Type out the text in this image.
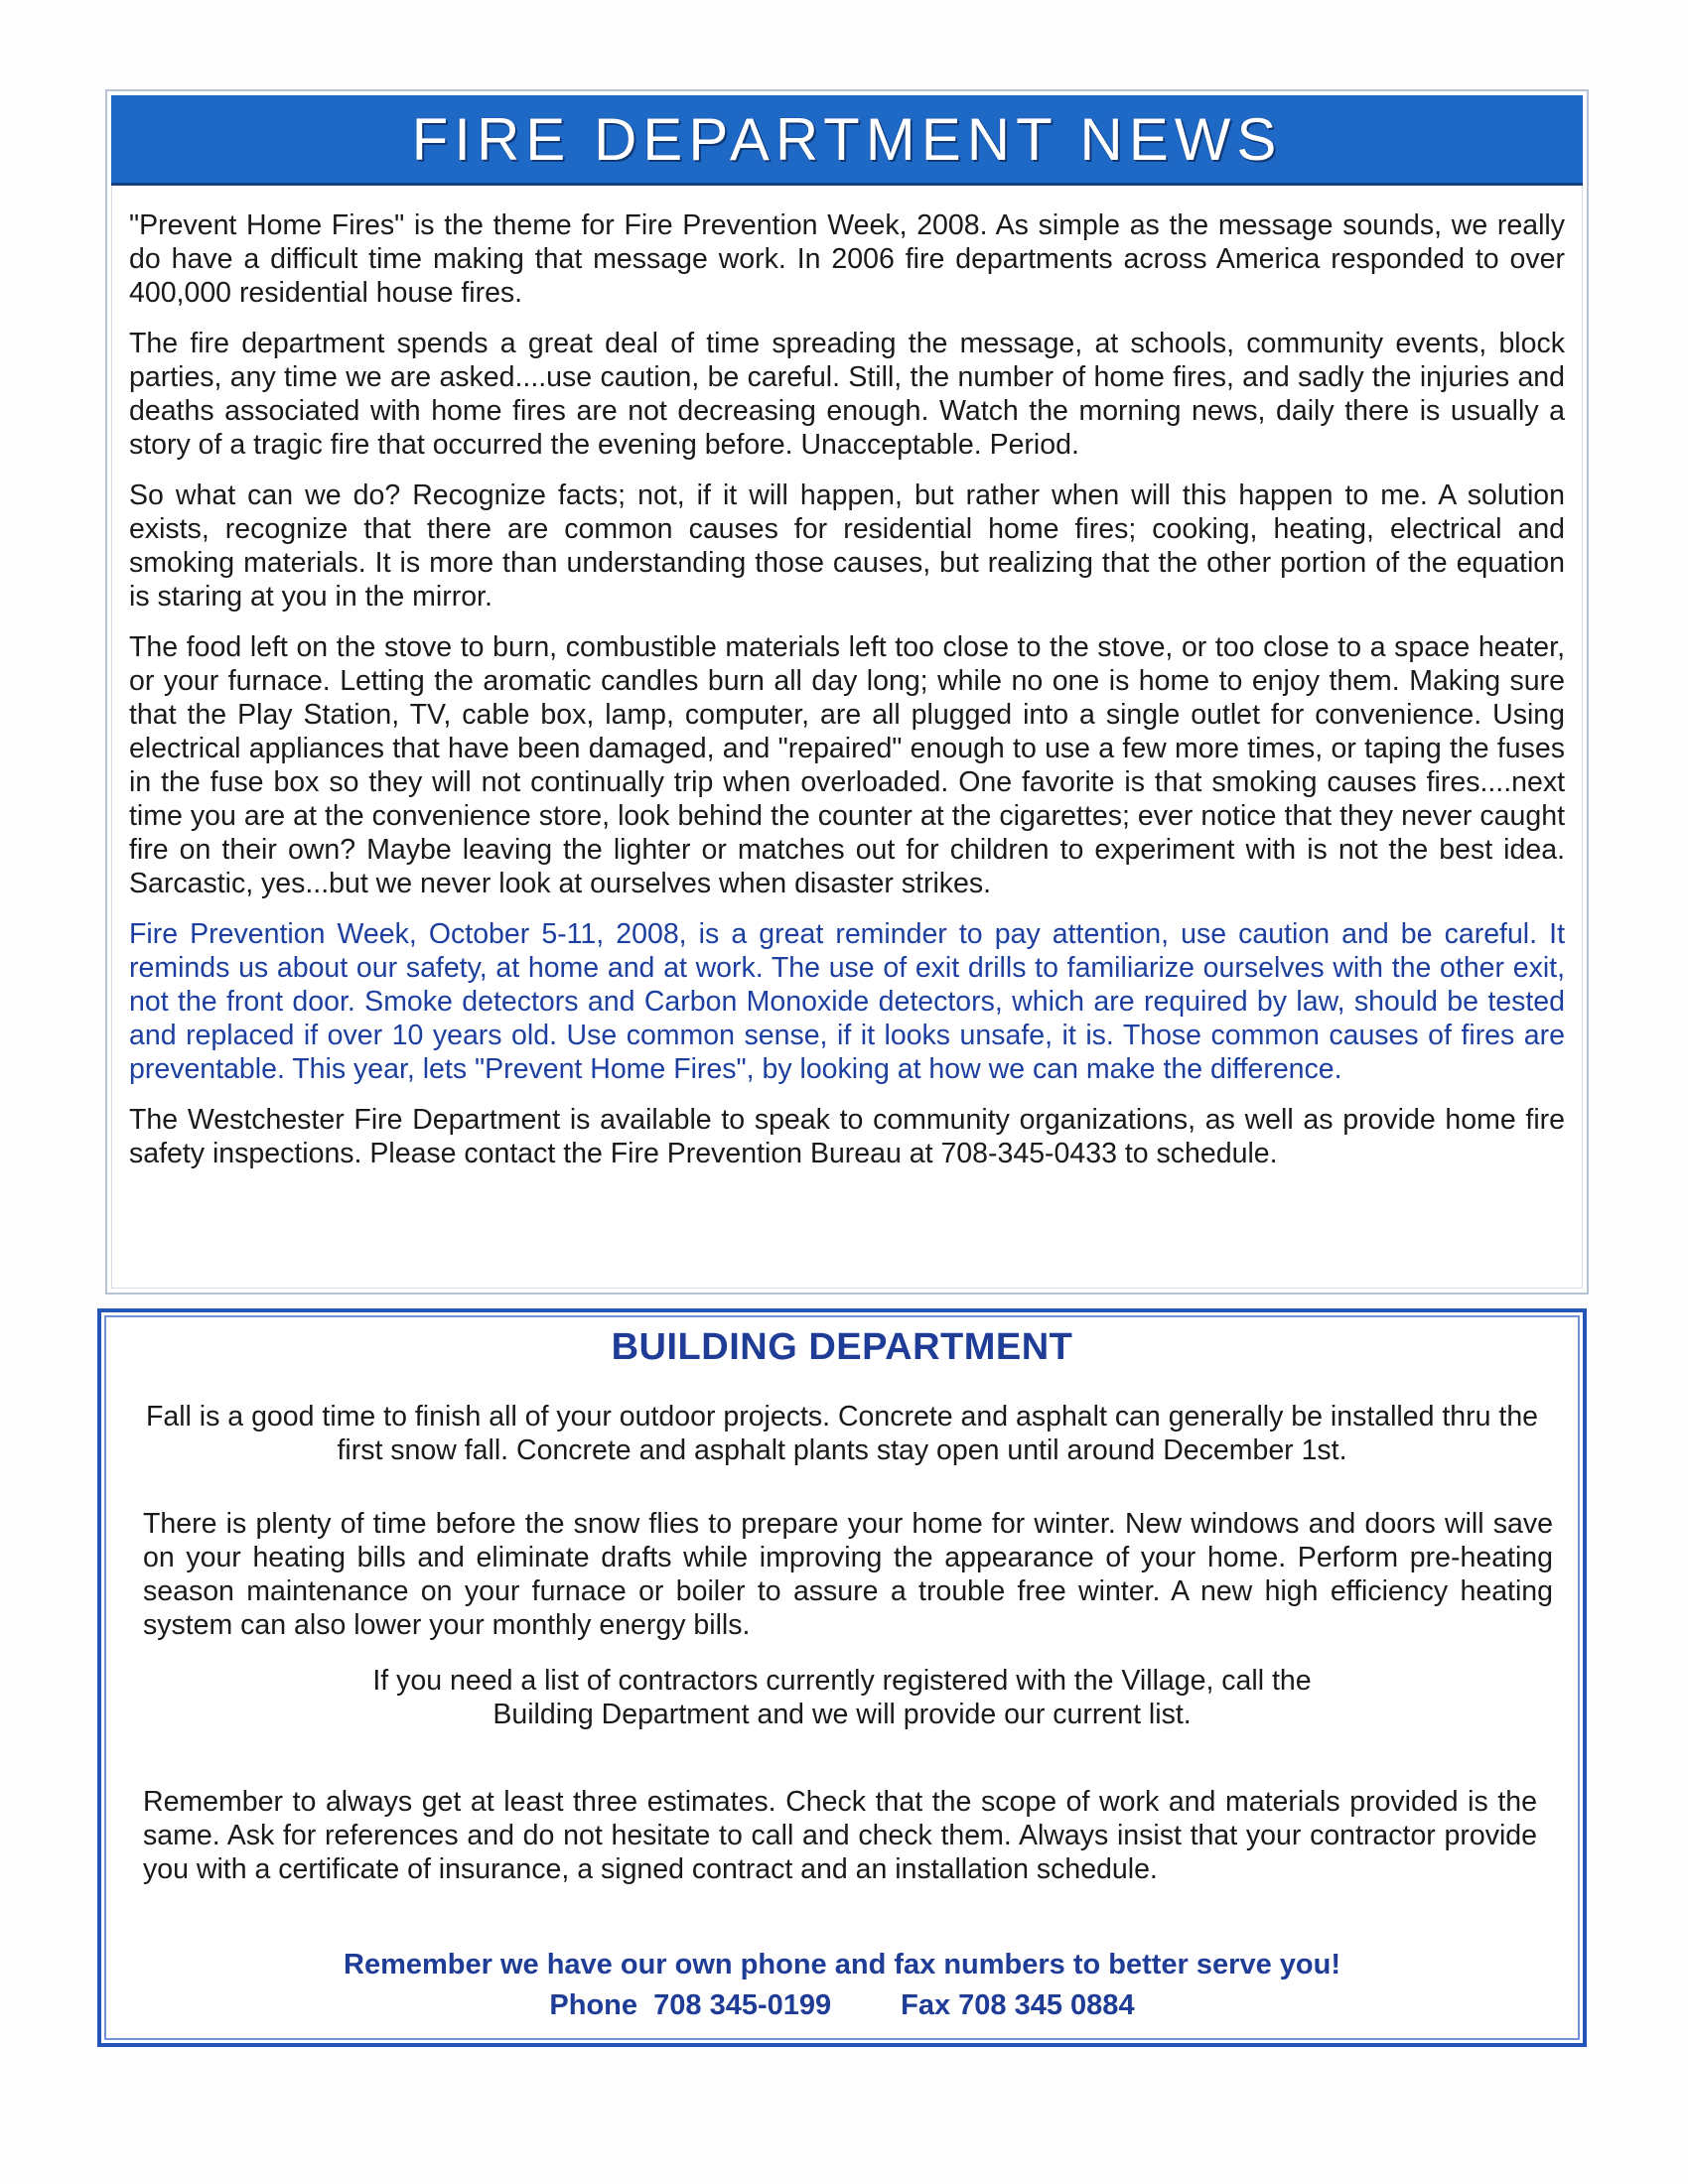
FIRE DEPARTMENT NEWS

"Prevent Home Fires" is the theme for Fire Prevention Week, 2008. As simple as the message sounds, we really do have a difficult time making that message work. In 2006 fire departments across America responded to over 400,000 residential house fires.

The fire department spends a great deal of time spreading the message, at schools, community events, block parties, any time we are asked....use caution, be careful. Still, the number of home fires, and sadly the injuries and deaths associated with home fires are not decreasing enough. Watch the morning news, daily there is usually a story of a tragic fire that occurred the evening before. Unacceptable. Period.

So what can we do? Recognize facts; not, if it will happen, but rather when will this happen to me. A solution exists, recognize that there are common causes for residential home fires; cooking, heating, electrical and smoking materials. It is more than understanding those causes, but realizing that the other portion of the equation is staring at you in the mirror.

The food left on the stove to burn, combustible materials left too close to the stove, or too close to a space heater, or your furnace. Letting the aromatic candles burn all day long; while no one is home to enjoy them. Making sure that the Play Station, TV, cable box, lamp, computer, are all plugged into a single outlet for convenience. Using electrical appliances that have been damaged, and "repaired" enough to use a few more times, or taping the fuses in the fuse box so they will not continually trip when overloaded. One favorite is that smoking causes fires....next time you are at the convenience store, look behind the counter at the cigarettes; ever notice that they never caught fire on their own? Maybe leaving the lighter or matches out for children to experiment with is not the best idea. Sarcastic, yes...but we never look at ourselves when disaster strikes.

Fire Prevention Week, October 5-11, 2008, is a great reminder to pay attention, use caution and be careful. It reminds us about our safety, at home and at work. The use of exit drills to familiarize ourselves with the other exit, not the front door. Smoke detectors and Carbon Monoxide detectors, which are required by law, should be tested and replaced if over 10 years old. Use common sense, if it looks unsafe, it is. Those common causes of fires are preventable. This year, lets "Prevent Home Fires", by looking at how we can make the difference.

The Westchester Fire Department is available to speak to community organizations, as well as provide home fire safety inspections. Please contact the Fire Prevention Bureau at 708-345-0433 to schedule.

BUILDING DEPARTMENT

Fall is a good time to finish all of your outdoor projects. Concrete and asphalt can generally be installed thru the first snow fall. Concrete and asphalt plants stay open until around December 1st.

There is plenty of time before the snow flies to prepare your home for winter. New windows and doors will save on your heating bills and eliminate drafts while improving the appearance of your home. Perform pre-heating season maintenance on your furnace or boiler to assure a trouble free winter. A new high efficiency heating system can also lower your monthly energy bills.

If you need a list of contractors currently registered with the Village, call the Building Department and we will provide our current list.

Remember to always get at least three estimates. Check that the scope of work and materials provided is the same. Ask for references and do not hesitate to call and check them. Always insist that your contractor provide you with a certificate of insurance, a signed contract and an installation schedule.

Remember we have our own phone and fax numbers to better serve you!
Phone  708 345-0199 Fax 708 345 0884
